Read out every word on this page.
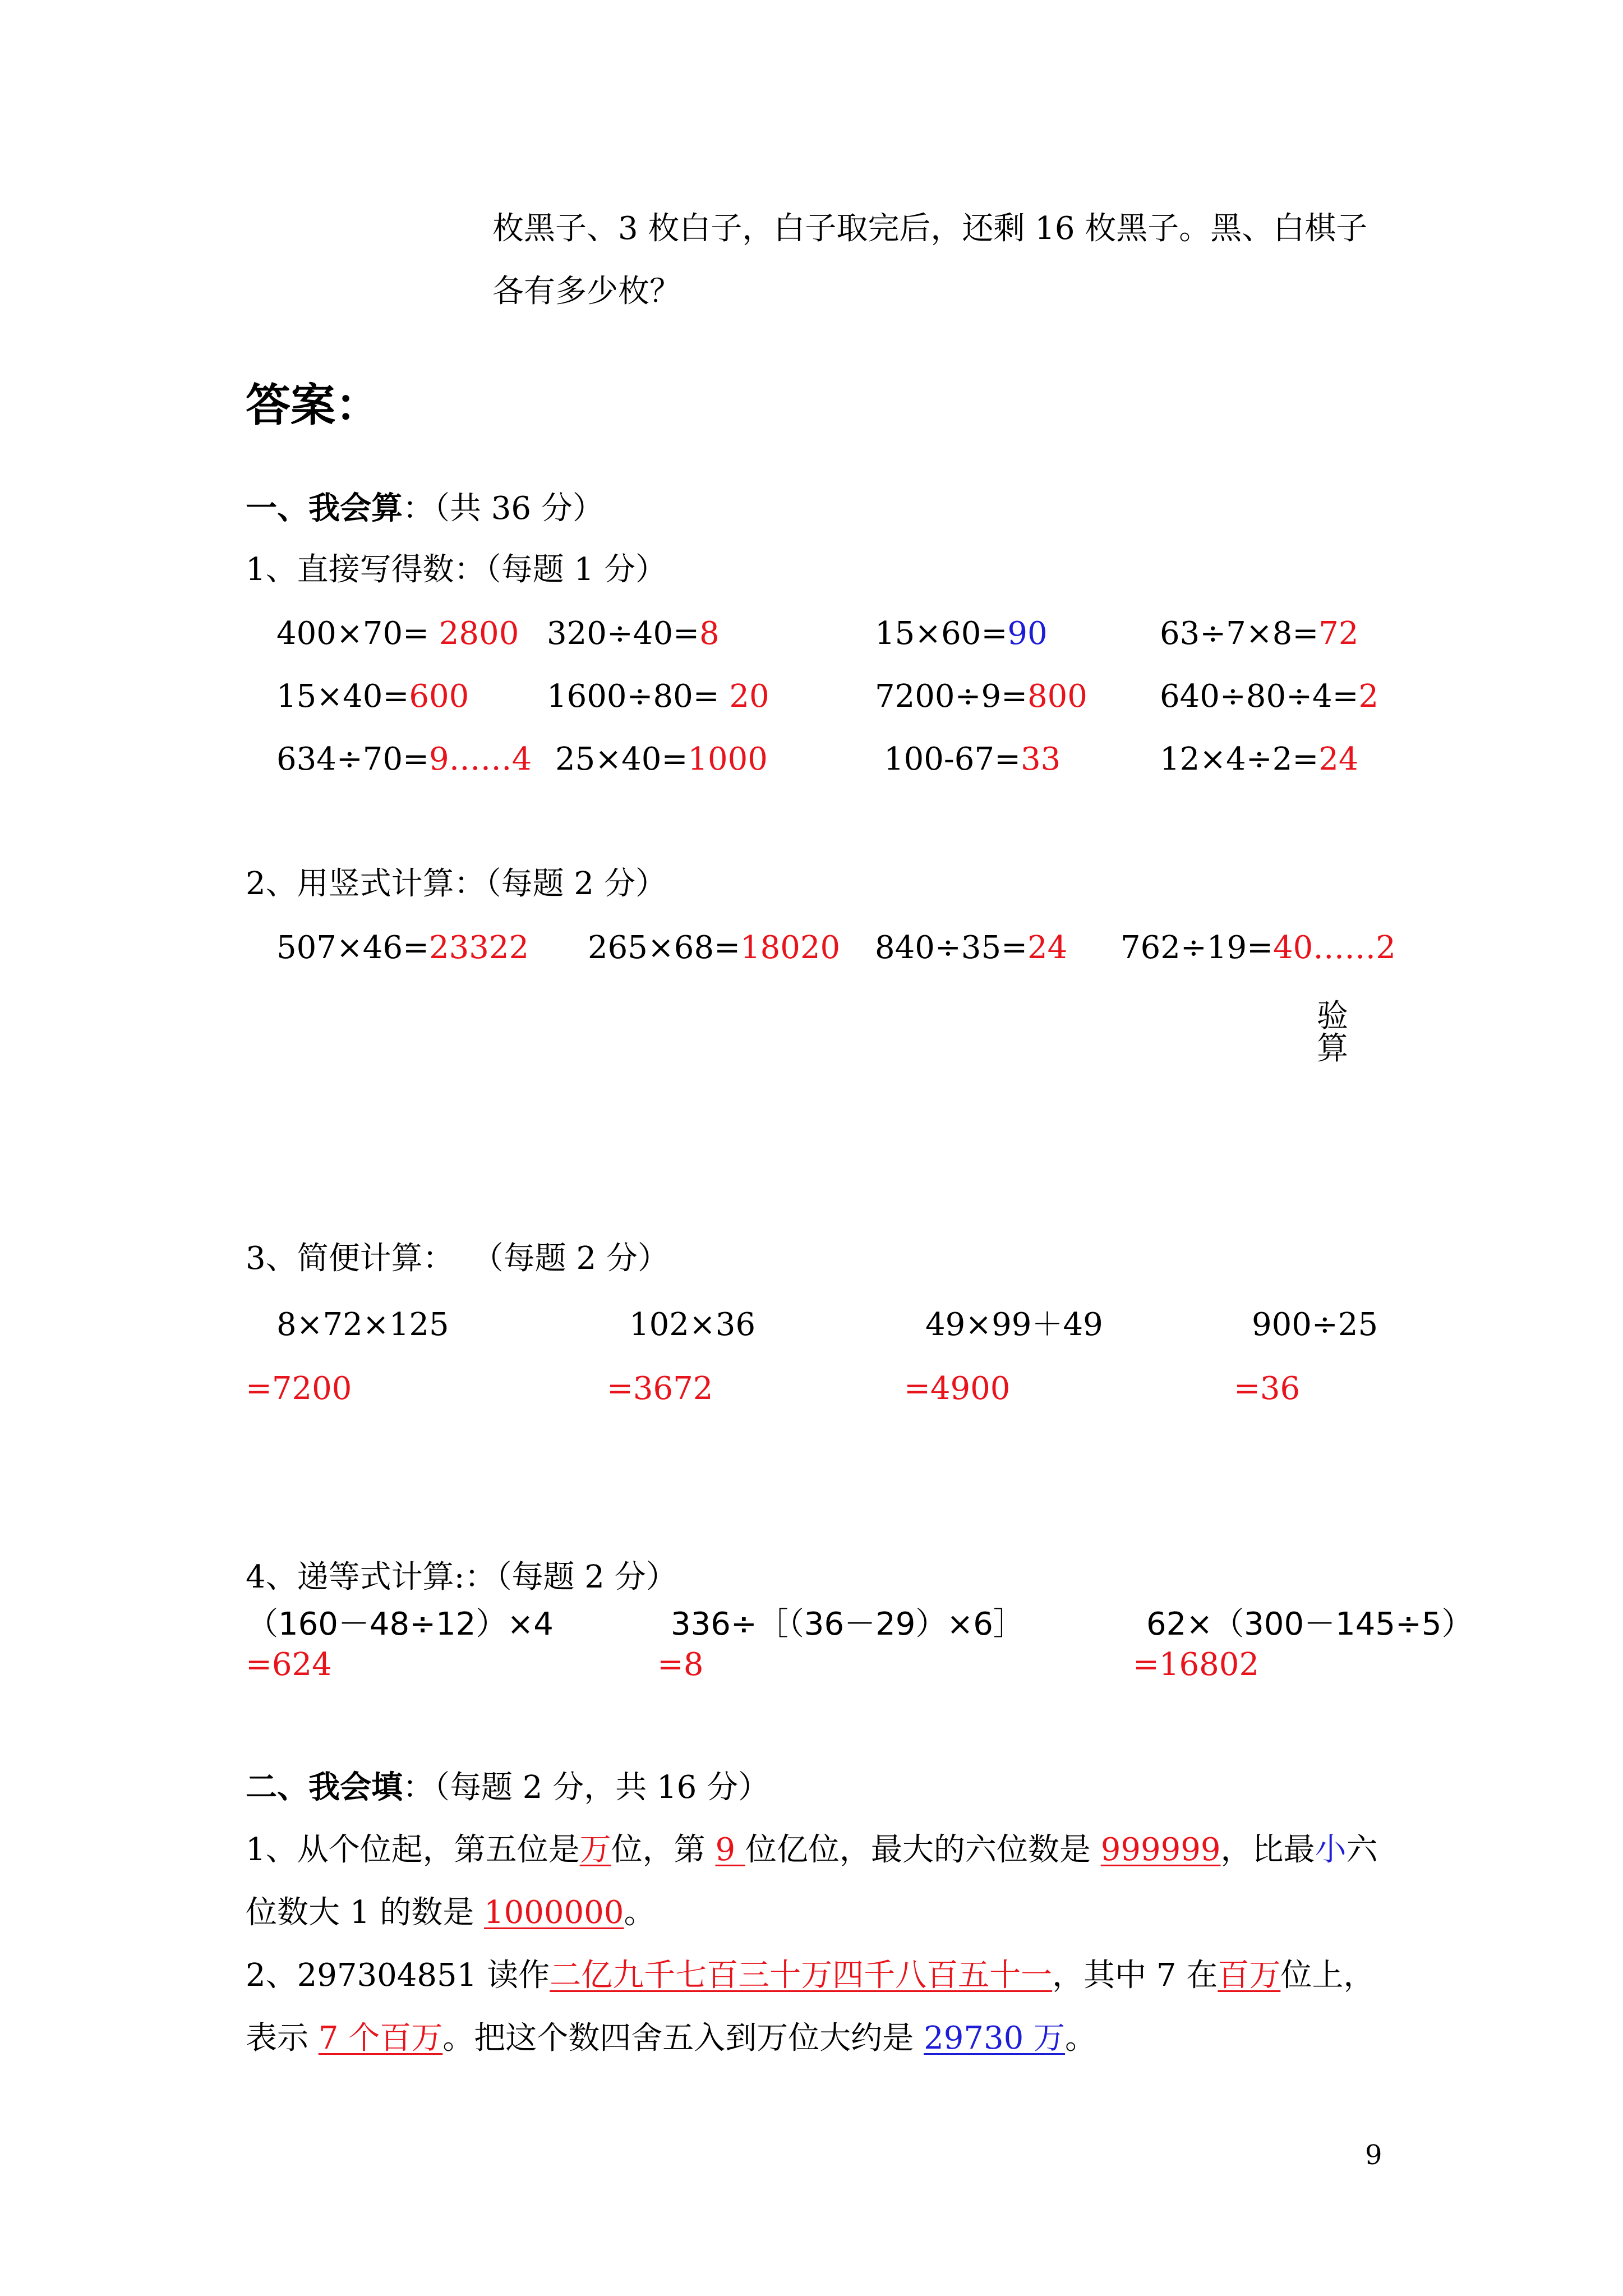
枚黑子、3 枚白子，白子取完后，还剩 16 枚黑子。黑、白棋子
各有多少枚？
答案：
一、我会算：（共 36 分）
1、直接写得数：（每题 1 分）
400×70= 2800 320÷40=8	15×60=90	63÷7×8=72
15×40=600 1600÷80= 20	7200÷9=800 640÷80÷4=2
634÷70=9……4 25×40=1000	100-67=33	12×4÷2=24
2、用竖式计算：（每题 2 分）
507×46=23322 265×68=18020 840÷35=24 762÷19=40……2
验
算
3、简便计算： （每题 2 分）
8×72×125	102×36	49×99＋49	900÷25
=7200	=3672	=4900	=36
4、递等式计算:：（每题 2 分）
（160－48÷12）×4	336÷［（36－29）×6］	62×（300－145÷5）
=624	=8	=16802
二、我会填：（每题 2 分，共 16 分）
1、从个位起，第五位是万位，第 9 位亿位，最大的六位数是 999999，比最小六
位数大 1 的数是 1000000。
2、297304851 读作二亿九千七百三十万四千八百五十一，其中 7 在百万位上，
表示 7 个百万。把这个数四舍五入到万位大约是 29730 万。
9
